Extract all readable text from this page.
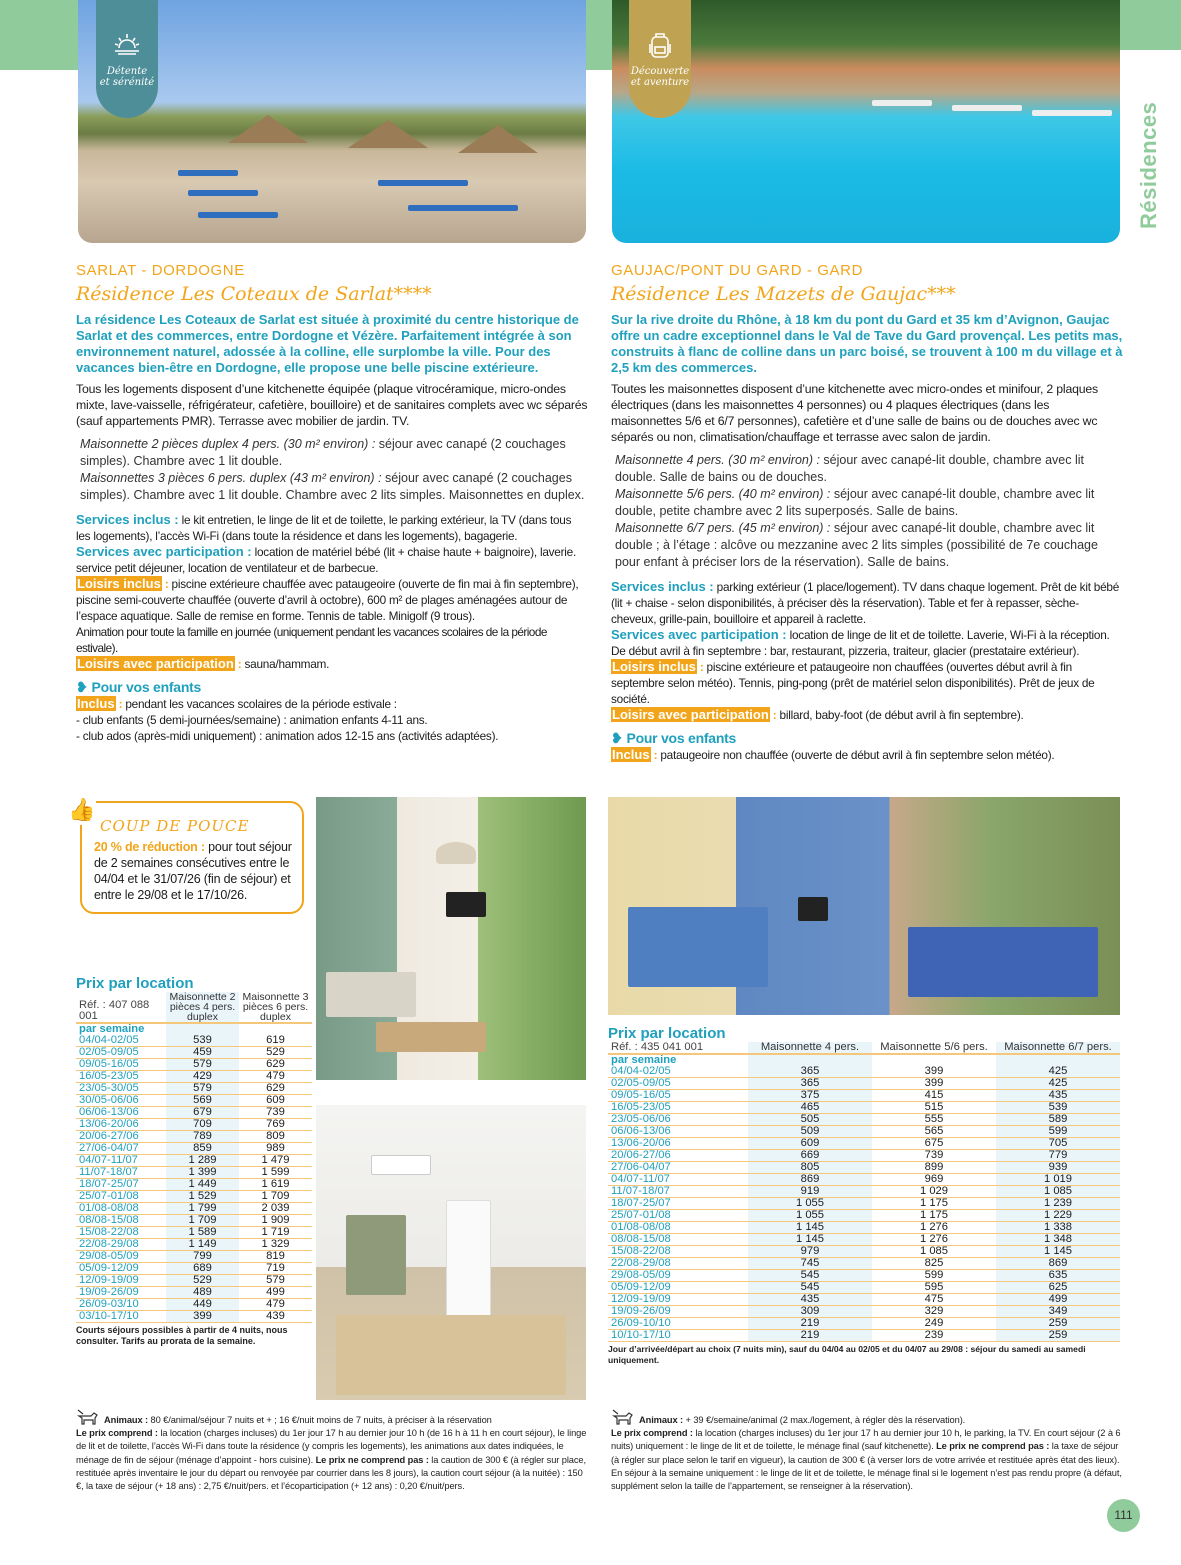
Résidences
Détente
et sérénité
Découverte
et aventure
SARLAT - DORDOGNE
Résidence Les Coteaux de Sarlat****
La résidence Les Coteaux de Sarlat est située à proximité du centre historique de Sarlat et des commerces, entre Dordogne et Vézère. Parfaitement intégrée à son environnement naturel, adossée à la colline, elle surplombe la ville. Pour des vacances bien-être en Dordogne, elle propose une belle piscine extérieure.
Tous les logements disposent d’une kitchenette équipée (plaque vitrocéramique, micro-ondes mixte, lave-vaisselle, réfrigérateur, cafetière, bouilloire) et de sanitaires complets avec wc séparés (sauf appartements PMR). Terrasse avec mobilier de jardin. TV.
Maisonnette 2 pièces duplex 4 pers. (30 m² environ) : séjour avec canapé (2 couchages simples). Chambre avec 1 lit double.
Maisonnettes 3 pièces 6 pers. duplex (43 m² environ) : séjour avec canapé (2 couchages simples). Chambre avec 1 lit double. Chambre avec 2 lits simples. Maisonnettes en duplex.
Services inclus : le kit entretien, le linge de lit et de toilette, le parking extérieur, la TV (dans tous les logements), l’accès Wi-Fi (dans toute la résidence et dans les logements), bagagerie.
Services avec participation : location de matériel bébé (lit + chaise haute + baignoire), laverie. service petit déjeuner, location de ventilateur et de barbecue.
Loisirs inclus : piscine extérieure chauffée avec pataugeoire (ouverte de fin mai à fin septembre), piscine semi-couverte chauffée (ouverte d’avril à octobre), 600 m² de plages aménagées autour de l’espace aquatique. Salle de remise en forme. Tennis de table. Minigolf (9 trous).
Animation pour toute la famille en journée (uniquement pendant les vacances scolaires de la période estivale).
Loisirs avec participation : sauna/hammam.
❥ Pour vos enfants
Inclus : pendant les vacances scolaires de la période estivale :
- club enfants (5 demi-journées/semaine) : animation enfants 4-11 ans.
- club ados (après-midi uniquement) : animation ados 12-15 ans (activités adaptées).
COUP DE POUCE
20 % de réduction : pour tout séjour de 2 semaines consécutives entre le 04/04 et le 31/07/26 (fin de séjour) et entre le 29/08 et le 17/10/26.
👍
Prix par location
Réf. : 407 088 001	Maisonnette 2 pièces 4 pers. duplex	Maisonnette 3 pièces 6 pers. duplex
par semaine		
04/04-02/05	539	619
02/05-09/05	459	529
09/05-16/05	579	629
16/05-23/05	429	479
23/05-30/05	579	629
30/05-06/06	569	609
06/06-13/06	679	739
13/06-20/06	709	769
20/06-27/06	789	809
27/06-04/07	859	989
04/07-11/07	1 289	1 479
11/07-18/07	1 399	1 599
18/07-25/07	1 449	1 619
25/07-01/08	1 529	1 709
01/08-08/08	1 799	2 039
08/08-15/08	1 709	1 909
15/08-22/08	1 589	1 719
22/08-29/08	1 149	1 329
29/08-05/09	799	819
05/09-12/09	689	719
12/09-19/09	529	579
19/09-26/09	489	499
26/09-03/10	449	479
03/10-17/10	399	439
Courts séjours possibles à partir de 4 nuits, nous consulter. Tarifs au prorata de la semaine.
GAUJAC/PONT DU GARD - GARD
Résidence Les Mazets de Gaujac***
Sur la rive droite du Rhône, à 18 km du pont du Gard et 35 km d’Avignon, Gaujac offre un cadre exceptionnel dans le Val de Tave du Gard provençal. Les petits mas, construits à flanc de colline dans un parc boisé, se trouvent à 100 m du village et à 2,5 km des commerces.
Toutes les maisonnettes disposent d’une kitchenette avec micro-ondes et minifour, 2 plaques électriques (dans les maisonnettes 4 personnes) ou 4 plaques électriques (dans les maisonnettes 5/6 et 6/7 personnes), cafetière et d’une salle de bains ou de douches avec wc séparés ou non, climatisation/chauffage et terrasse avec salon de jardin.
Maisonnette 4 pers. (30 m² environ) : séjour avec canapé-lit double, chambre avec lit double. Salle de bains ou de douches.
Maisonnette 5/6 pers. (40 m² environ) : séjour avec canapé-lit double, chambre avec lit double, petite chambre avec 2 lits superposés. Salle de bains.
Maisonnette 6/7 pers. (45 m² environ) : séjour avec canapé-lit double, chambre avec lit double ; à l’étage : alcôve ou mezzanine avec 2 lits simples (possibilité de 7e couchage pour enfant à préciser lors de la réservation). Salle de bains.
Services inclus : parking extérieur (1 place/logement). TV dans chaque logement. Prêt de kit bébé (lit + chaise - selon disponibilités, à préciser dès la réservation). Table et fer à repasser, sèche-cheveux, grille-pain, bouilloire et appareil à raclette.
Services avec participation : location de linge de lit et de toilette. Laverie, Wi-Fi à la réception. De début avril à fin septembre : bar, restaurant, pizzeria, traiteur, glacier (prestataire extérieur).
Loisirs inclus : piscine extérieure et pataugeoire non chauffées (ouvertes début avril à fin septembre selon météo). Tennis, ping-pong (prêt de matériel selon disponibilités). Prêt de jeux de société.
Loisirs avec participation : billard, baby-foot (de début avril à fin septembre).
❥ Pour vos enfants
Inclus : pataugeoire non chauffée (ouverte de début avril à fin septembre selon météo).
Prix par location
Réf. : 435 041 001	Maisonnette 4 pers.	Maisonnette 5/6 pers.	Maisonnette 6/7 pers.
par semaine			
04/04-02/05	365	399	425
02/05-09/05	365	399	425
09/05-16/05	375	415	435
16/05-23/05	465	515	539
23/05-06/06	505	555	589
06/06-13/06	509	565	599
13/06-20/06	609	675	705
20/06-27/06	669	739	779
27/06-04/07	805	899	939
04/07-11/07	869	969	1 019
11/07-18/07	919	1 029	1 085
18/07-25/07	1 055	1 175	1 239
25/07-01/08	1 055	1 175	1 229
01/08-08/08	1 145	1 276	1 338
08/08-15/08	1 145	1 276	1 348
15/08-22/08	979	1 085	1 145
22/08-29/08	745	825	869
29/08-05/09	545	599	635
05/09-12/09	545	595	625
12/09-19/09	435	475	499
19/09-26/09	309	329	349
26/09-10/10	219	249	259
10/10-17/10	219	239	259
Jour d’arrivée/départ au choix (7 nuits min), sauf du 04/04 au 02/05 et du 04/07 au 29/08 : séjour du samedi au samedi uniquement.
Animaux : 80 €/animal/séjour 7 nuits et + ; 16 €/nuit moins de 7 nuits, à préciser à la réservation
Le prix comprend : la location (charges incluses) du 1er jour 17 h au dernier jour 10 h (de 16 h à 11 h en court séjour), le linge de lit et de toilette, l’accès Wi-Fi dans toute la résidence (y compris les logements), les animations aux dates indiquées, le ménage de fin de séjour (ménage d’appoint - hors cuisine). Le prix ne comprend pas : la caution de 300 € (à régler sur place, restituée après inventaire le jour du départ ou renvoyée par courrier dans les 8 jours), la caution court séjour (à la nuitée) : 150 €, la taxe de séjour (+ 18 ans) : 2,75 €/nuit/pers. et l’écoparticipation (+ 12 ans) : 0,20 €/nuit/pers.
Animaux : + 39 €/semaine/animal (2 max./logement, à régler dès la réservation).
Le prix comprend : la location (charges incluses) du 1er jour 17 h au dernier jour 10 h, le parking, la TV. En court séjour (2 à 6 nuits) uniquement : le linge de lit et de toilette, le ménage final (sauf kitchenette). Le prix ne comprend pas : la taxe de séjour (à régler sur place selon le tarif en vigueur), la caution de 300 € (à verser lors de votre arrivée et restituée après état des lieux). En séjour à la semaine uniquement : le linge de lit et de toilette, le ménage final si le logement n’est pas rendu propre (à défaut, supplément selon la taille de l’appartement, se renseigner à la réservation).
111
